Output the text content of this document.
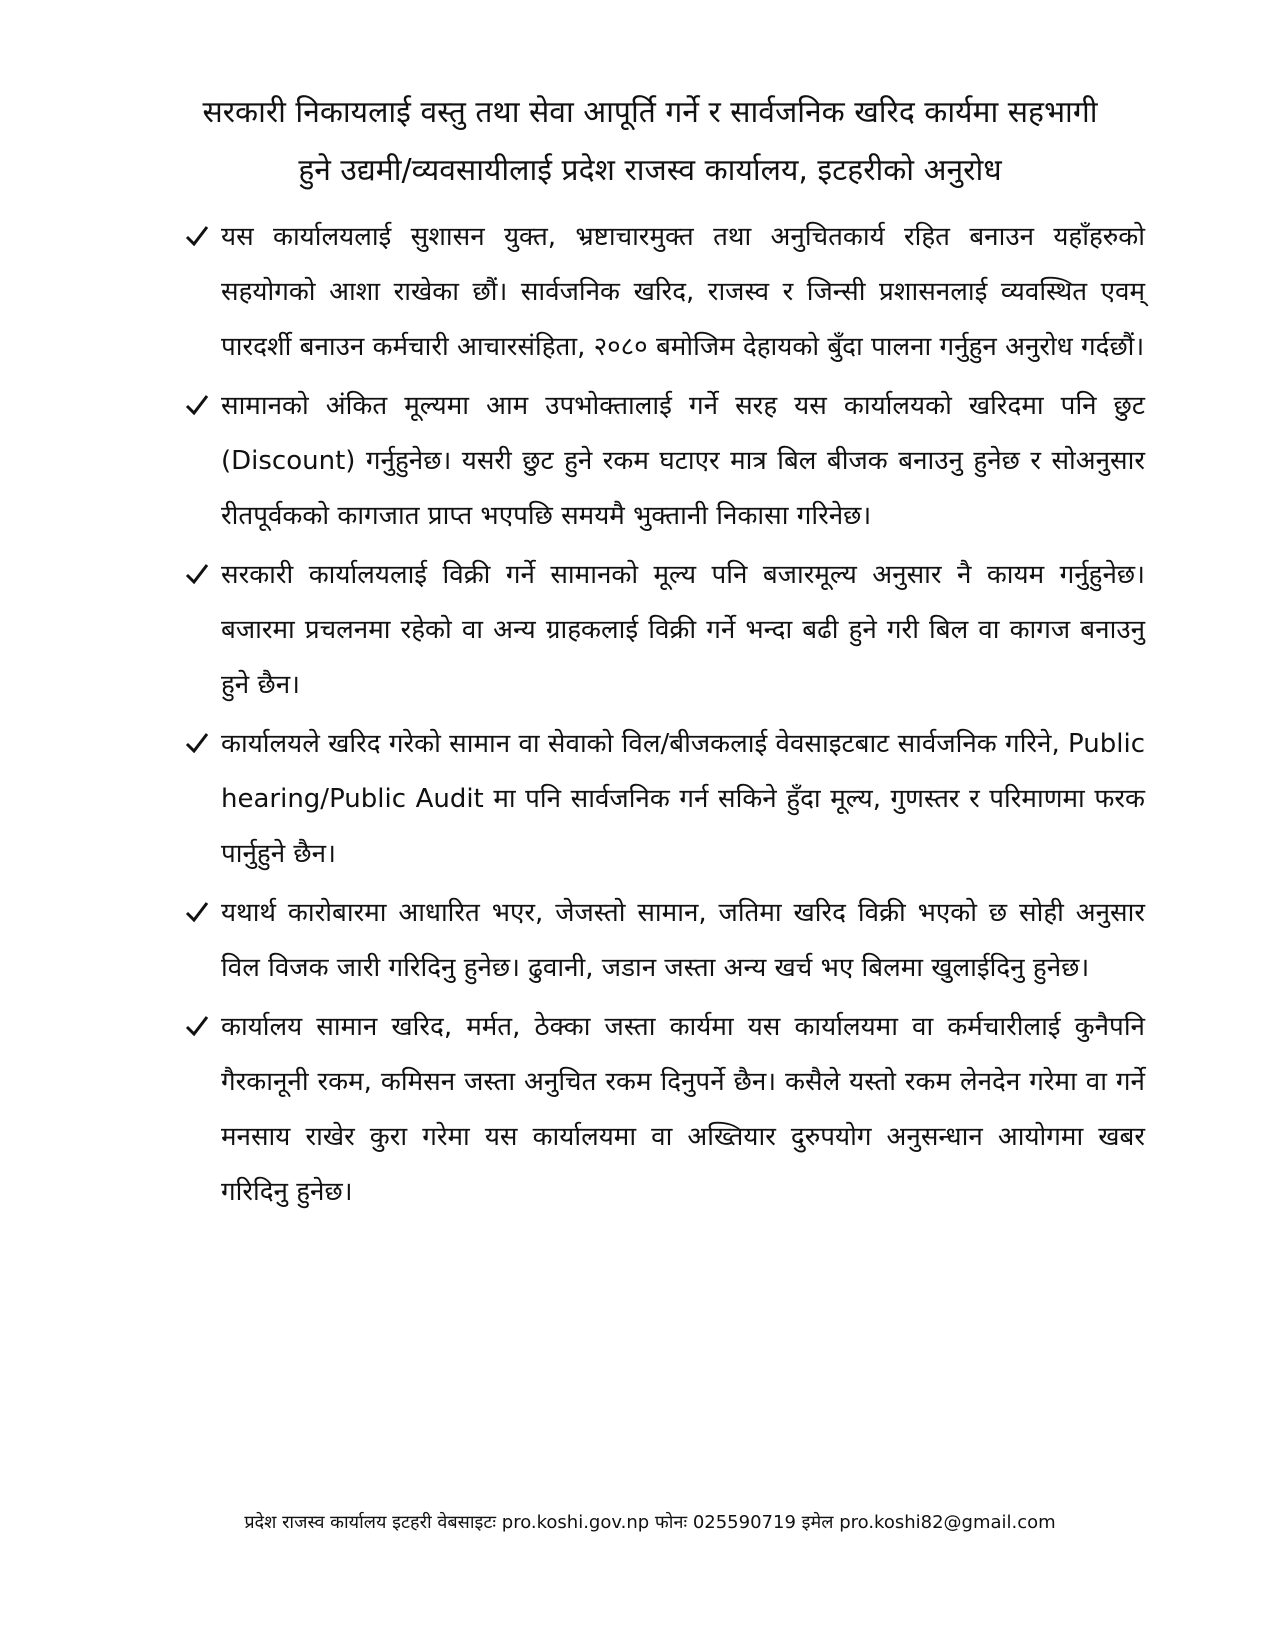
सरकारी निकायलाई वस्तु तथा सेवा आपूर्ति गर्ने र सार्वजनिक खरिद कार्यमा सहभागी
हुने उद्यमी/व्यवसायीलाई प्रदेश राजस्व कार्यालय, इटहरीको अनुरोध
यस कार्यालयलाई सुशासन युक्त, भ्रष्टाचारमुक्त तथा अनुचितकार्य रहित बनाउन यहाँहरुको सहयोगको आशा राखेका छौं। सार्वजनिक खरिद, राजस्व र जिन्सी प्रशासनलाई व्यवस्थित एवम् पारदर्शी बनाउन कर्मचारी आचारसंहिता, २०८० बमोजिम देहायको बुँदा पालना गर्नुहुन अनुरोध गर्दछौं।
सामानको अंकित मूल्यमा आम उपभोक्तालाई गर्ने सरह यस कार्यालयको खरिदमा पनि छुट (Discount) गर्नुहुनेछ। यसरी छुट हुने रकम घटाएर मात्र बिल बीजक बनाउनु हुनेछ र सोअनुसार रीतपूर्वकको कागजात प्राप्त भएपछि समयमै भुक्तानी निकासा गरिनेछ।
सरकारी कार्यालयलाई विक्री गर्ने सामानको मूल्य पनि बजारमूल्य अनुसार नै कायम गर्नुहुनेछ। बजारमा प्रचलनमा रहेको वा अन्य ग्राहकलाई विक्री गर्ने भन्दा बढी हुने गरी बिल वा कागज बनाउनु हुने छैन।
कार्यालयले खरिद गरेको सामान वा सेवाको विल/बीजकलाई वेवसाइटबाट सार्वजनिक गरिने, Public hearing/Public Audit मा पनि सार्वजनिक गर्न सकिने हुँदा मूल्य, गुणस्तर र परिमाणमा फरक पार्नुहुने छैन।
यथार्थ कारोबारमा आधारित भएर, जेजस्तो सामान, जतिमा खरिद विक्री भएको छ सोही अनुसार विल विजक जारी गरिदिनु हुनेछ। ढुवानी, जडान जस्ता अन्य खर्च भए बिलमा खुलाईदिनु हुनेछ।
कार्यालय सामान खरिद, मर्मत, ठेक्का जस्ता कार्यमा यस कार्यालयमा वा कर्मचारीलाई कुनैपनि गैरकानूनी रकम, कमिसन जस्ता अनुचित रकम दिनुपर्ने छैन। कसैले यस्तो रकम लेनदेन गरेमा वा गर्ने मनसाय राखेर कुरा गरेमा यस कार्यालयमा वा अख्तियार दुरुपयोग अनुसन्धान आयोगमा खबर गरिदिनु हुनेछ।
प्रदेश राजस्व कार्यालय इटहरी वेबसाइटः pro.koshi.gov.np फोनः 025590719 इमेल pro.koshi82@gmail.com
